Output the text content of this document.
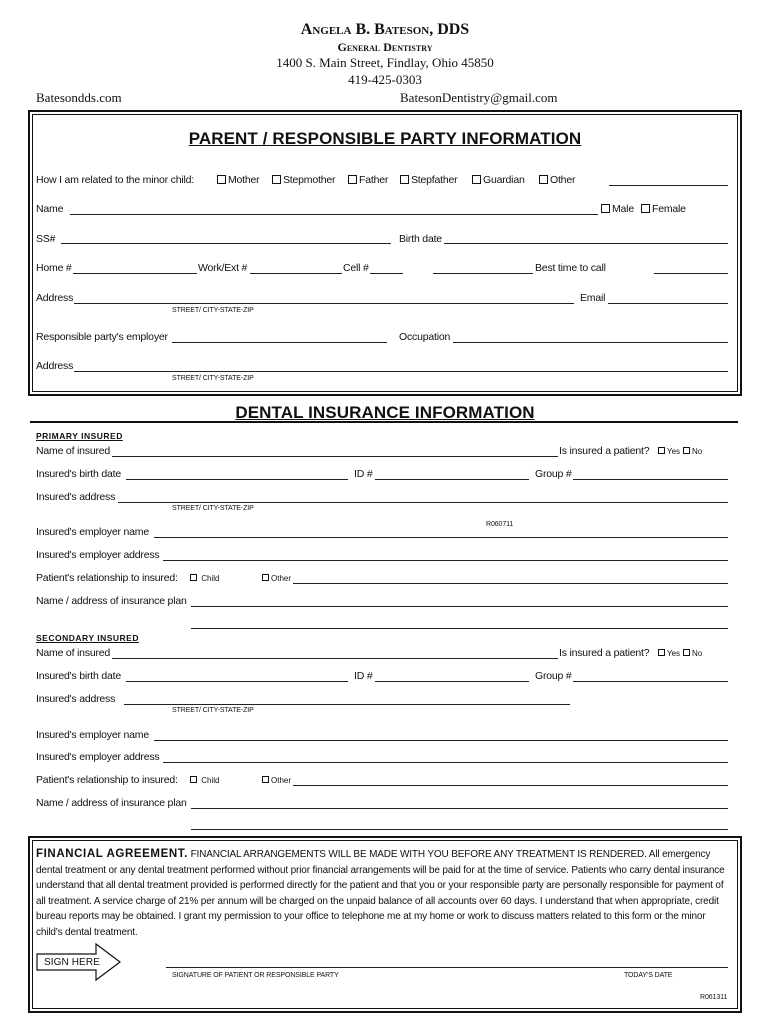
Angela B. Bateson, DDS
General Dentistry
1400 S. Main Street, Findlay, Ohio 45850
419-425-0303
Batesondds.com	BatesonDentistry@gmail.com
PARENT / RESPONSIBLE PARTY INFORMATION
How I am related to the minor child:	Mother	Stepmother	Father	Stepfather	Guardian	Other
Name	Male	Female
SS#	Birth date
Home #	Work/Ext #	Cell #	Best time to call
Address	Email
STREET/ CITY-STATE-ZIP
Responsible party's employer	Occupation
Address
STREET/ CITY-STATE-ZIP
DENTAL INSURANCE INFORMATION
PRIMARY INSURED
Name of insured	Is insured a patient?	Yes	No
Insured's birth date	ID #	Group #
Insured's address
STREET/ CITY-STATE-ZIP
R060711
Insured's employer name
Insured's employer address
Patient's relationship to insured:	Child	Other
Name / address of insurance plan
SECONDARY INSURED
Name of insured	Is insured a patient?	Yes	No
Insured's birth date	ID #	Group #
Insured's address
STREET/ CITY-STATE-ZIP
Insured's employer name
Insured's employer address
Patient's relationship to insured:	Child	Other
Name / address of insurance plan
FINANCIAL AGREEMENT. FINANCIAL ARRANGEMENTS WILL BE MADE WITH YOU BEFORE ANY TREATMENT IS RENDERED. All emergency dental treatment or any dental treatment performed without prior financial arrangements will be paid for at the time of service. Patients who carry dental insurance understand that all dental treatment provided is performed directly for the patient and that you or your responsible party are personally responsible for payment of all treatment. A service charge of 21% per annum will be charged on the unpaid balance of all accounts over 60 days. I understand that when appropriate, credit bureau reports may be obtained. I grant my permission to your office to telephone me at my home or work to discuss matters related to this form or the minor child's dental treatment.
SIGN HERE
SIGNATURE OF PATIENT OR RESPONSIBLE PARTY	TODAY'S DATE
R061311
